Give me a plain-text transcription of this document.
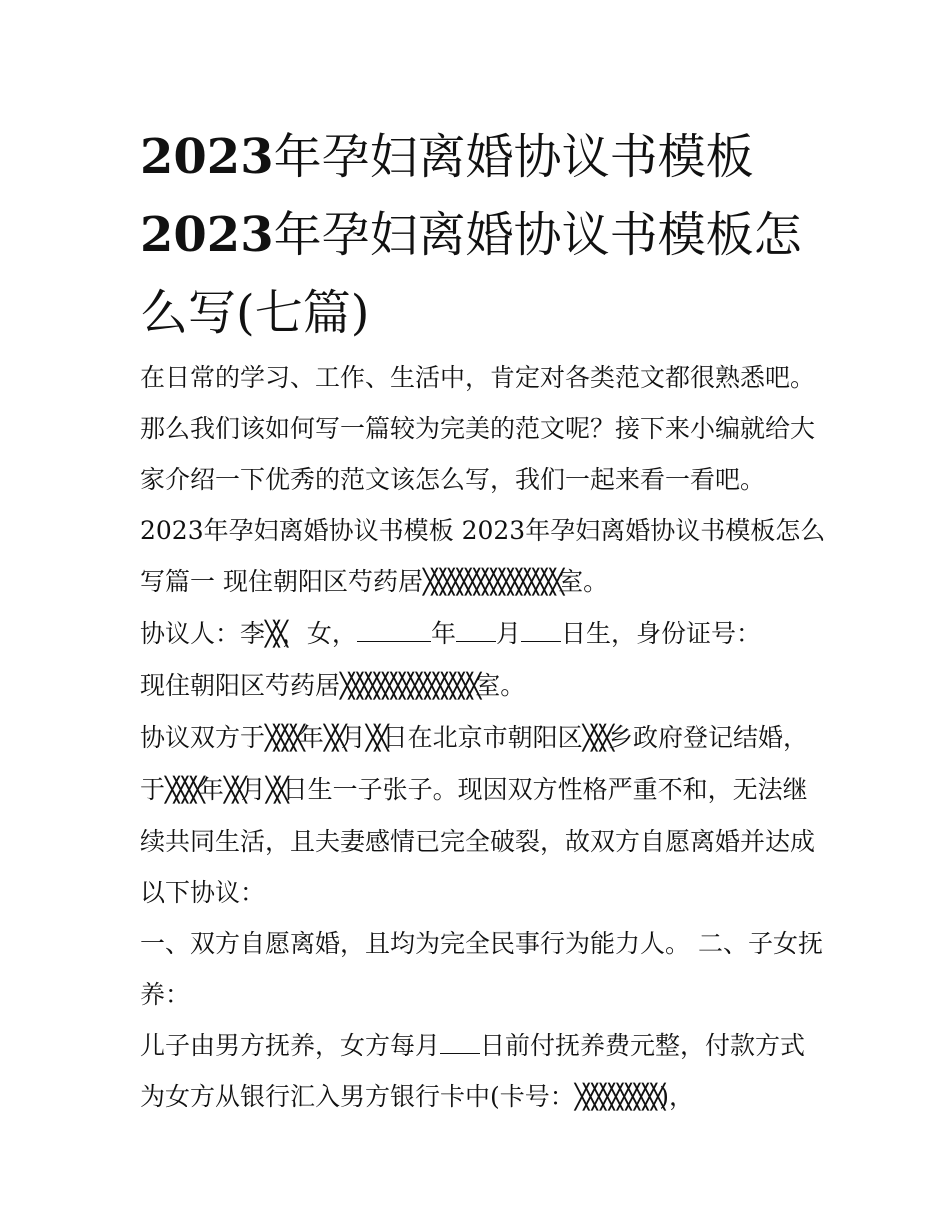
2023年孕妇离婚协议书模板
2023年孕妇离婚协议书模板怎么写(七篇)

在日常的学习、工作、生活中，肯定对各类范文都很熟悉吧。那么我们该如何写一篇较为完美的范文呢？接下来小编就给大家介绍一下优秀的范文该怎么写，我们一起来看一看吧。

2023年孕妇离婚协议书模板 2023年孕妇离婚协议书模板怎么写篇一 现住朝阳区芍药居╳╳╳╳╳╳╳╳╳╳╳╳╳╳╳╳室。

协议人：李╳╳，女，	年 月 日生，身份证号：

现住朝阳区芍药居╳╳╳╳╳╳╳╳╳╳╳╳╳╳╳╳室。

协议双方于╳╳╳╳年╳╳月╳╳日在北京市朝阳区╳╳╳乡政府登记结婚，于╳╳╳╳年╳╳月╳╳日生一子张子。现因双方性格严重不和，无法继续共同生活，且夫妻感情已完全破裂，故双方自愿离婚并达成以下协议：

一、双方自愿离婚，且均为完全民事行为能力人。 二、子女抚养：

儿子由男方抚养，女方每月 日前付抚养费元整，付款方式为女方从银行汇入男方银行卡中(卡号：╳╳╳╳╳╳╳╳╳╳)，
